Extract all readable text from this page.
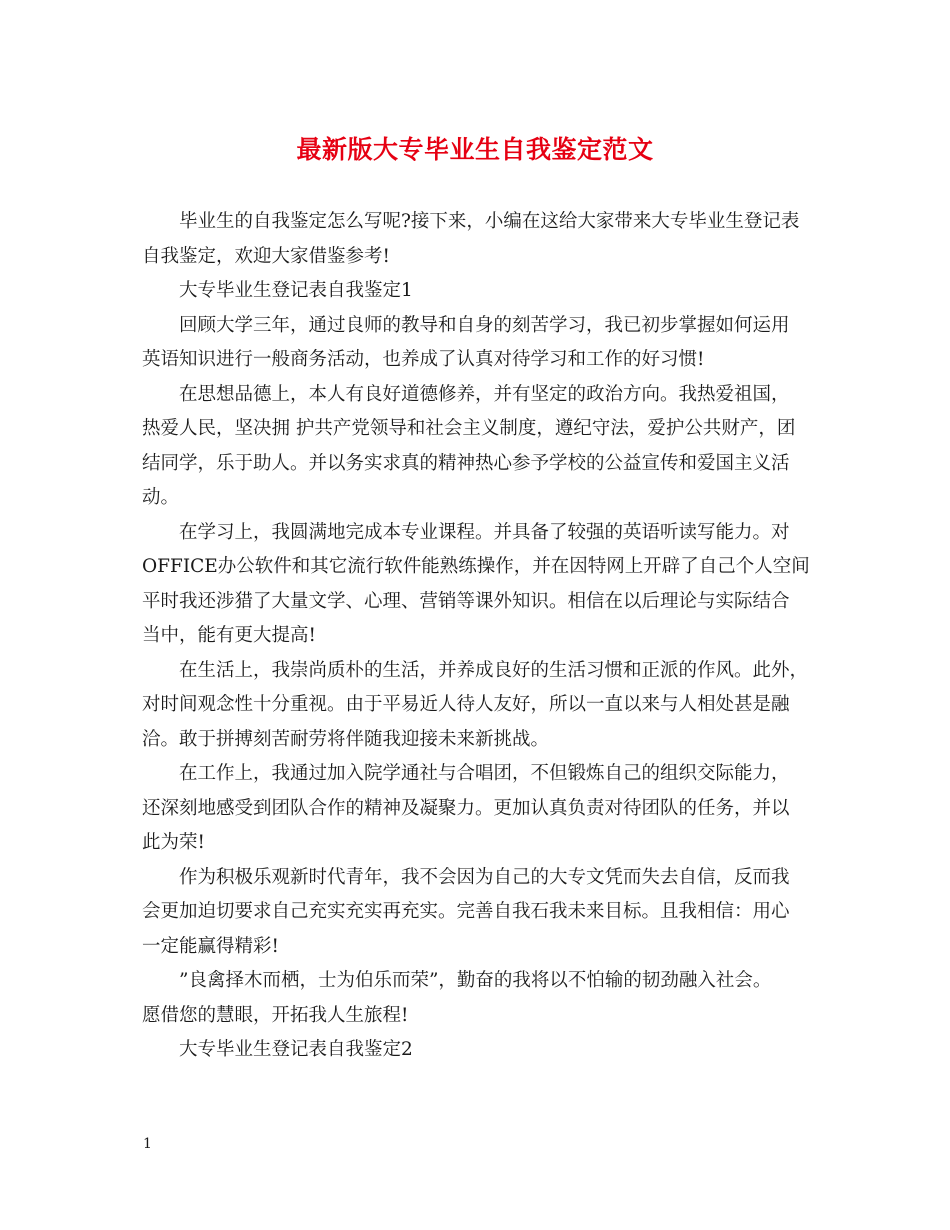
最新版大专毕业生自我鉴定范文
毕业生的自我鉴定怎么写呢?接下来，小编在这给大家带来大专毕业生登记表
自我鉴定，欢迎大家借鉴参考!
大专毕业生登记表自我鉴定1
回顾大学三年，通过良师的教导和自身的刻苦学习，我已初步掌握如何运用
英语知识进行一般商务活动，也养成了认真对待学习和工作的好习惯!
在思想品德上，本人有良好道德修养，并有坚定的政治方向。我热爱祖国，
热爱人民，坚决拥 护共产党领导和社会主义制度，遵纪守法，爱护公共财产，团
结同学，乐于助人。并以务实求真的精神热心参予学校的公益宣传和爱国主义活
动。
在学习上，我圆满地完成本专业课程。并具备了较强的英语听读写能力。对
OFFICE办公软件和其它流行软件能熟练操作，并在因特网上开辟了自己个人空间
平时我还涉猎了大量文学、心理、营销等课外知识。相信在以后理论与实际结合
当中，能有更大提高!
在生活上，我崇尚质朴的生活，并养成良好的生活习惯和正派的作风。此外，
对时间观念性十分重视。由于平易近人待人友好，所以一直以来与人相处甚是融
洽。敢于拼搏刻苦耐劳将伴随我迎接未来新挑战。
在工作上，我通过加入院学通社与合唱团，不但锻炼自己的组织交际能力，
还深刻地感受到团队合作的精神及凝聚力。更加认真负责对待团队的任务，并以
此为荣!
作为积极乐观新时代青年，我不会因为自己的大专文凭而失去自信，反而我
会更加迫切要求自己充实充实再充实。完善自我石我未来目标。且我相信：用心
一定能赢得精彩!
”良禽择木而栖，士为伯乐而荣”，勤奋的我将以不怕输的韧劲融入社会。
愿借您的慧眼，开拓我人生旅程!
大专毕业生登记表自我鉴定2
1
